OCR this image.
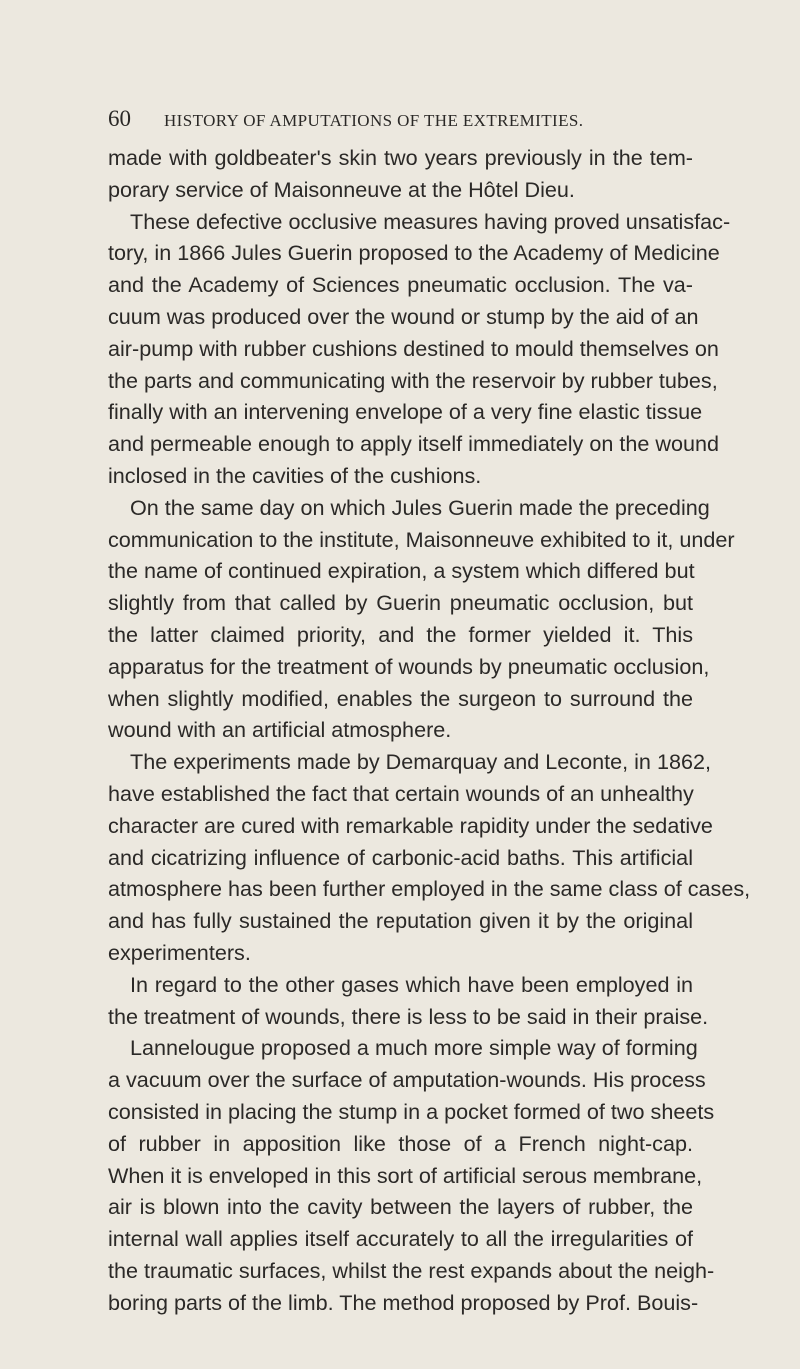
60 HISTORY OF AMPUTATIONS OF THE EXTREMITIES.
made with goldbeater's skin two years previously in the tem-
porary service of Maisonneuve at the Hôtel Dieu.
These defective occlusive measures having proved unsatisfac-
tory, in 1866 Jules Guerin proposed to the Academy of Medicine
and the Academy of Sciences pneumatic occlusion. The va-
cuum was produced over the wound or stump by the aid of an
air-pump with rubber cushions destined to mould themselves on
the parts and communicating with the reservoir by rubber tubes,
finally with an intervening envelope of a very fine elastic tissue
and permeable enough to apply itself immediately on the wound
inclosed in the cavities of the cushions.
On the same day on which Jules Guerin made the preceding
communication to the institute, Maisonneuve exhibited to it, under
the name of continued expiration, a system which differed but
slightly from that called by Guerin pneumatic occlusion, but
the latter claimed priority, and the former yielded it. This
apparatus for the treatment of wounds by pneumatic occlusion,
when slightly modified, enables the surgeon to surround the
wound with an artificial atmosphere.
The experiments made by Demarquay and Leconte, in 1862,
have established the fact that certain wounds of an unhealthy
character are cured with remarkable rapidity under the sedative
and cicatrizing influence of carbonic-acid baths. This artificial
atmosphere has been further employed in the same class of cases,
and has fully sustained the reputation given it by the original
experimenters.
In regard to the other gases which have been employed in
the treatment of wounds, there is less to be said in their praise.
Lannelougue proposed a much more simple way of forming
a vacuum over the surface of amputation-wounds. His process
consisted in placing the stump in a pocket formed of two sheets
of rubber in apposition like those of a French night-cap.
When it is enveloped in this sort of artificial serous membrane,
air is blown into the cavity between the layers of rubber, the
internal wall applies itself accurately to all the irregularities of
the traumatic surfaces, whilst the rest expands about the neigh-
boring parts of the limb. The method proposed by Prof. Bouis-
